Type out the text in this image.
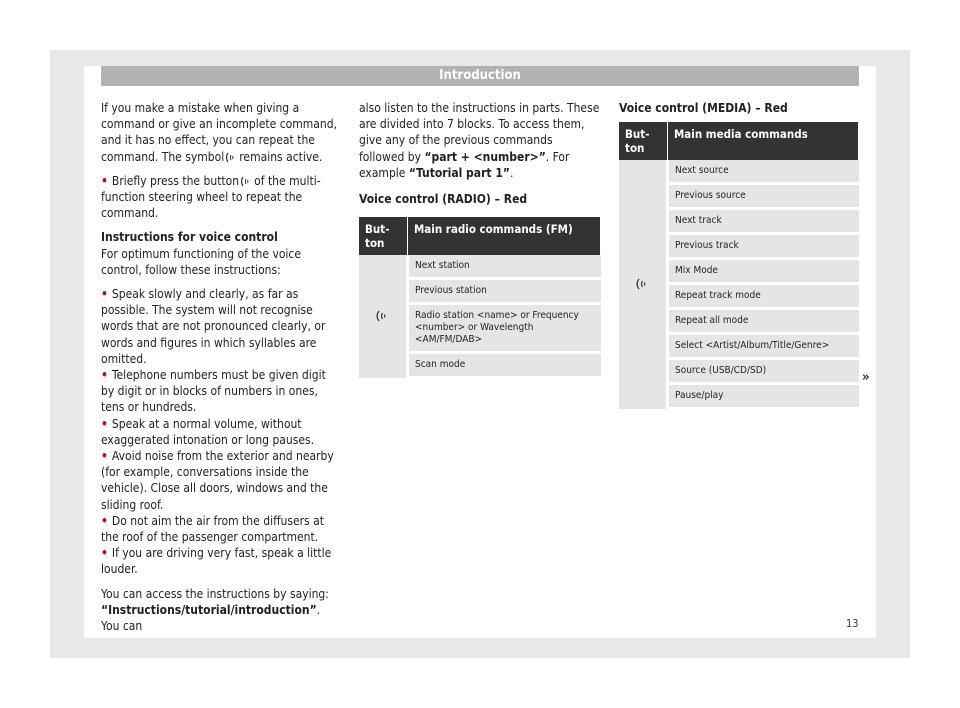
Introduction

If you make a mistake when giving a command or give an incomplete command, and it has no effect, you can repeat the command. The symbol remains active.

• Briefly press the button of the multi-function steering wheel to repeat the command.

Instructions for voice control

For optimum functioning of the voice control, follow these instructions:

• Speak slowly and clearly, as far as possible. The system will not recognise words that are not pronounced clearly, or words and figures in which syllables are omitted.

• Telephone numbers must be given digit by digit or in blocks of numbers in ones, tens or hundreds.

• Speak at a normal volume, without exaggerated intonation or long pauses.

• Avoid noise from the exterior and nearby (for example, conversations inside the vehicle). Close all doors, windows and the sliding roof.

• Do not aim the air from the diffusers at the roof of the passenger compartment.

• If you are driving very fast, speak a little louder.

You can access the instructions by saying: “Instructions/tutorial/introduction”. You can

also listen to the instructions in parts. These are divided into 7 blocks. To access them, give any of the previous commands followed by “part + <number>”. For example “Tutorial part 1”.

Voice control (RADIO) – Red

But-ton	Main radio commands (FM)

	Next station
	Previous station
	Radio station <name> or Frequency <number> or Wavelength <AM/FM/DAB>
	Scan mode

Voice control (MEDIA) – Red

But-ton	Main media commands

	Next source
	Previous source
	Next track
	Previous track
	Mix Mode
	Repeat track mode
	Repeat all mode
	Select <Artist/Album/Title/Genre>
	Source (USB/CD/SD)
	Pause/play
»
13
